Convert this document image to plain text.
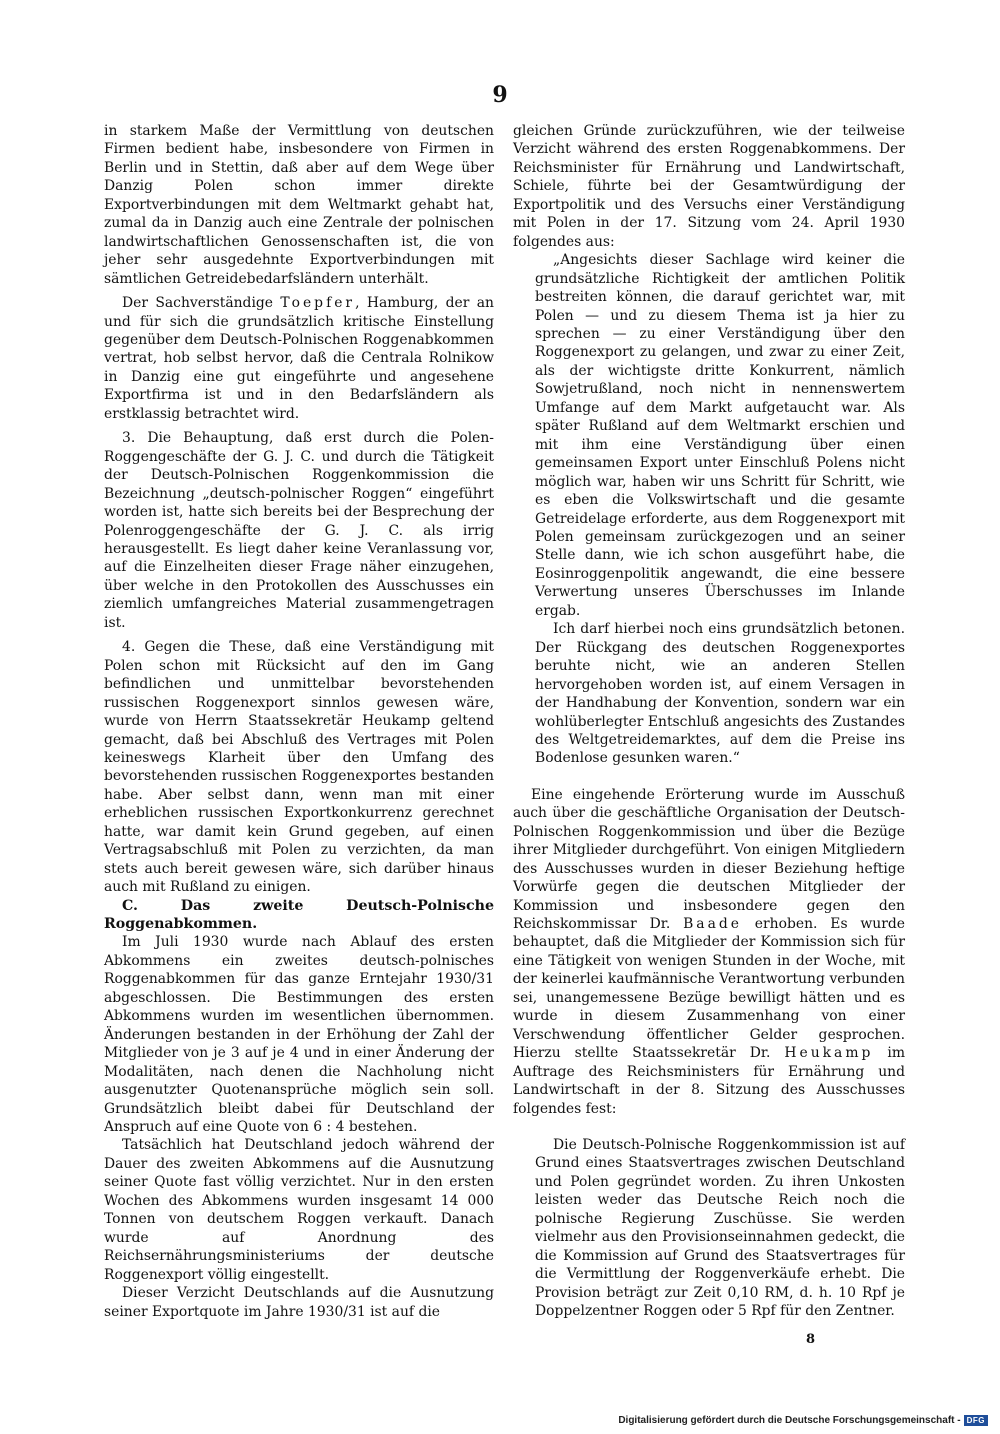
9

in starkem Maße der Vermittlung von deutschen Firmen bedient habe, insbesondere von Firmen in Berlin und in Stettin, daß aber auf dem Wege über Danzig Polen schon immer direkte Exportverbindungen mit dem Weltmarkt gehabt hat, zumal da in Danzig auch eine Zentrale der polnischen landwirtschaftlichen Genossenschaften ist, die von jeher sehr ausgedehnte Exportverbindungen mit sämtlichen Getreidebedarfsländern unterhält.

Der Sachverständige Toepfer, Hamburg, der an und für sich die grundsätzlich kritische Einstellung gegenüber dem Deutsch-Polnischen Roggenabkommen vertrat, hob selbst hervor, daß die Centrala Rolnikow in Danzig eine gut eingeführte und angesehene Exportfirma ist und in den Bedarfsländern als erstklassig betrachtet wird.

3. Die Behauptung, daß erst durch die Polen-Roggengeschäfte der G. J. C. und durch die Tätigkeit der Deutsch-Polnischen Roggenkommission die Bezeichnung „deutsch-polnischer Roggen“ eingeführt worden ist, hatte sich bereits bei der Besprechung der Polenroggengeschäfte der G. J. C. als irrig herausgestellt. Es liegt daher keine Veranlassung vor, auf die Einzelheiten dieser Frage näher einzugehen, über welche in den Protokollen des Ausschusses ein ziemlich umfangreiches Material zusammengetragen ist.

4. Gegen die These, daß eine Verständigung mit Polen schon mit Rücksicht auf den im Gang befindlichen und unmittelbar bevorstehenden russischen Roggenexport sinnlos gewesen wäre, wurde von Herrn Staatssekretär Heukamp geltend gemacht, daß bei Abschluß des Vertrages mit Polen keineswegs Klarheit über den Umfang des bevorstehenden russischen Roggenexportes bestanden habe. Aber selbst dann, wenn man mit einer erheblichen russischen Exportkonkurrenz gerechnet hatte, war damit kein Grund gegeben, auf einen Vertragsabschluß mit Polen zu verzichten, da man stets auch bereit gewesen wäre, sich darüber hinaus auch mit Rußland zu einigen.

C. Das zweite Deutsch-Polnische Roggenabkommen.

Im Juli 1930 wurde nach Ablauf des ersten Abkommens ein zweites deutsch-polnisches Roggenabkommen für das ganze Erntejahr 1930/31 abgeschlossen. Die Bestimmungen des ersten Abkommens wurden im wesentlichen übernommen. Änderungen bestanden in der Erhöhung der Zahl der Mitglieder von je 3 auf je 4 und in einer Änderung der Modalitäten, nach denen die Nachholung nicht ausgenutzter Quotenansprüche möglich sein soll. Grundsätzlich bleibt dabei für Deutschland der Anspruch auf eine Quote von 6 : 4 bestehen.

Tatsächlich hat Deutschland jedoch während der Dauer des zweiten Abkommens auf die Ausnutzung seiner Quote fast völlig verzichtet. Nur in den ersten Wochen des Abkommens wurden insgesamt 14 000 Tonnen von deutschem Roggen verkauft. Danach wurde auf Anordnung des Reichsernährungsministeriums der deutsche Roggenexport völlig eingestellt.

Dieser Verzicht Deutschlands auf die Ausnutzung seiner Exportquote im Jahre 1930/31 ist auf die

gleichen Gründe zurückzuführen, wie der teilweise Verzicht während des ersten Roggenabkommens. Der Reichsminister für Ernährung und Landwirtschaft, Schiele, führte bei der Gesamtwürdigung der Exportpolitik und des Versuchs einer Verständigung mit Polen in der 17. Sitzung vom 24. April 1930 folgendes aus:

„Angesichts dieser Sachlage wird keiner die grundsätzliche Richtigkeit der amtlichen Politik bestreiten können, die darauf gerichtet war, mit Polen — und zu diesem Thema ist ja hier zu sprechen — zu einer Verständigung über den Roggenexport zu gelangen, und zwar zu einer Zeit, als der wichtigste dritte Konkurrent, nämlich Sowjetrußland, noch nicht in nennenswertem Umfange auf dem Markt aufgetaucht war. Als später Rußland auf dem Weltmarkt erschien und mit ihm eine Verständigung über einen gemeinsamen Export unter Einschluß Polens nicht möglich war, haben wir uns Schritt für Schritt, wie es eben die Volkswirtschaft und die gesamte Getreidelage erforderte, aus dem Roggenexport mit Polen gemeinsam zurückgezogen und an seiner Stelle dann, wie ich schon ausgeführt habe, die Eosinroggenpolitik angewandt, die eine bessere Verwertung unseres Überschusses im Inlande ergab.

Ich darf hierbei noch eins grundsätzlich betonen. Der Rückgang des deutschen Roggenexportes beruhte nicht, wie an anderen Stellen hervorgehoben worden ist, auf einem Versagen in der Handhabung der Konvention, sondern war ein wohlüberlegter Entschluß angesichts des Zustandes des Weltgetreidemarktes, auf dem die Preise ins Bodenlose gesunken waren.“

Eine eingehende Erörterung wurde im Ausschuß auch über die geschäftliche Organisation der Deutsch-Polnischen Roggenkommission und über die Bezüge ihrer Mitglieder durchgeführt. Von einigen Mitgliedern des Ausschusses wurden in dieser Beziehung heftige Vorwürfe gegen die deutschen Mitglieder der Kommission und insbesondere gegen den Reichskommissar Dr. Baade erhoben. Es wurde behauptet, daß die Mitglieder der Kommission sich für eine Tätigkeit von wenigen Stunden in der Woche, mit der keinerlei kaufmännische Verantwortung verbunden sei, unangemessene Bezüge bewilligt hätten und es wurde in diesem Zusammenhang von einer Verschwendung öffentlicher Gelder gesprochen. Hierzu stellte Staatssekretär Dr. Heukamp im Auftrage des Reichsministers für Ernährung und Landwirtschaft in der 8. Sitzung des Ausschusses folgendes fest:

Die Deutsch-Polnische Roggenkommission ist auf Grund eines Staatsvertrages zwischen Deutschland und Polen gegründet worden. Zu ihren Unkosten leisten weder das Deutsche Reich noch die polnische Regierung Zuschüsse. Sie werden vielmehr aus den Provisionseinnahmen gedeckt, die die Kommission auf Grund des Staatsvertrages für die Vermittlung der Roggenverkäufe erhebt. Die Provision beträgt zur Zeit 0,10 RM, d. h. 10 Rpf je Doppelzentner Roggen oder 5 Rpf für den Zentner.

8
Digitalisierung gefördert durch die Deutsche Forschungsgemeinschaft - DFG
